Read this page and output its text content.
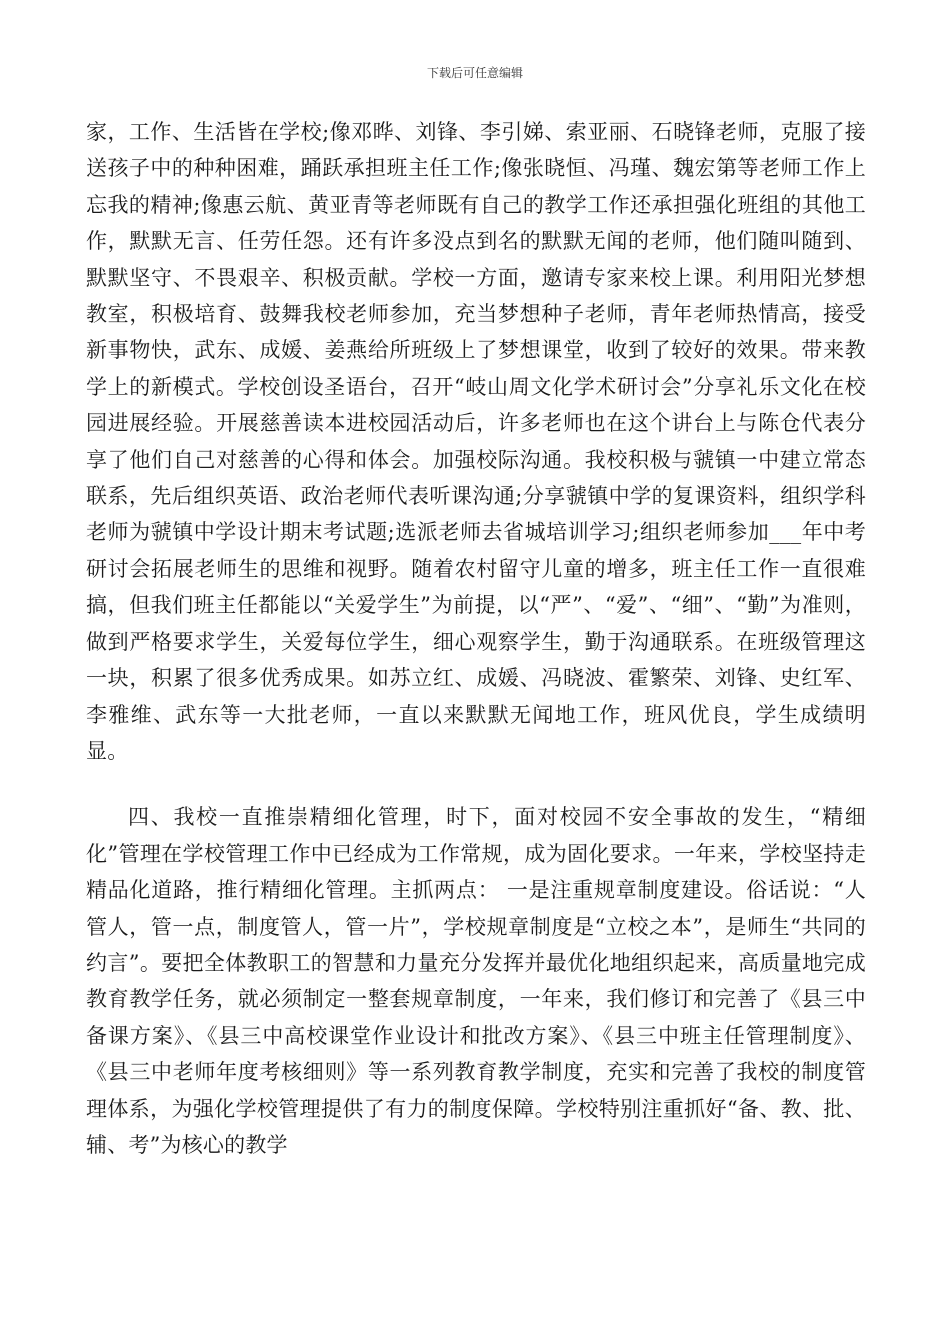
下载后可任意编辑

家，工作、生活皆在学校;像邓晔、刘锋、李引娣、索亚丽、石晓锋老师，克服了接送孩子中的种种困难，踊跃承担班主任工作;像张晓恒、冯瑾、魏宏第等老师工作上忘我的精神;像惠云航、黄亚青等老师既有自己的教学工作还承担强化班组的其他工作，默默无言、任劳任怨。还有许多没点到名的默默无闻的老师，他们随叫随到、默默坚守、不畏艰辛、积极贡献。学校一方面，邀请专家来校上课。利用阳光梦想教室，积极培育、鼓舞我校老师参加，充当梦想种子老师，青年老师热情高，接受新事物快，武东、成媛、姜燕给所班级上了梦想课堂，收到了较好的效果。带来教学上的新模式。学校创设圣语台，召开“岐山周文化学术研讨会”分享礼乐文化在校园进展经验。开展慈善读本进校园活动后，许多老师也在这个讲台上与陈仓代表分享了他们自己对慈善的心得和体会。加强校际沟通。我校积极与虢镇一中建立常态联系，先后组织英语、政治老师代表听课沟通;分享虢镇中学的复课资料，组织学科老师为虢镇中学设计期末考试题;选派老师去省城培训学习;组织老师参加___年中考研讨会拓展老师生的思维和视野。随着农村留守儿童的增多，班主任工作一直很难搞，但我们班主任都能以“关爱学生”为前提，以“严”、“爱”、“细”、“勤”为准则，做到严格要求学生，关爱每位学生，细心观察学生，勤于沟通联系。在班级管理这一块，积累了很多优秀成果。如苏立红、成媛、冯晓波、霍繁荣、刘锋、史红军、李雅维、武东等一大批老师，一直以来默默无闻地工作，班风优良，学生成绩明显。

四、我校一直推崇精细化管理，时下，面对校园不安全事故的发生，“精细化”管理在学校管理工作中已经成为工作常规，成为固化要求。一年来，学校坚持走精品化道路，推行精细化管理。主抓两点： 一是注重规章制度建设。俗话说：“人管人，管一点，制度管人，管一片”，学校规章制度是“立校之本”，是师生“共同的约言”。要把全体教职工的智慧和力量充分发挥并最优化地组织起来，高质量地完成教育教学任务，就必须制定一整套规章制度，一年来，我们修订和完善了《县三中备课方案》、《县三中高校课堂作业设计和批改方案》、《县三中班主任管理制度》、《县三中老师年度考核细则》等一系列教育教学制度，充实和完善了我校的制度管理体系，为强化学校管理提供了有力的制度保障。学校特别注重抓好“备、教、批、辅、考”为核心的教学
